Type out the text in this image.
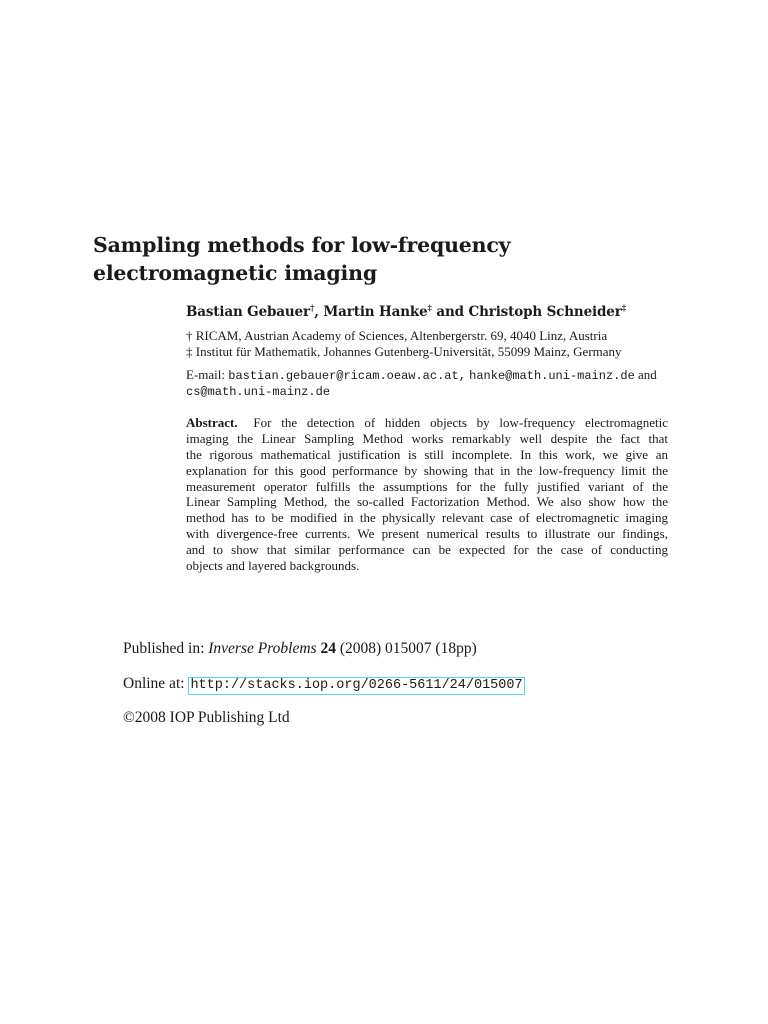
Sampling methods for low-frequency
electromagnetic imaging
Bastian Gebauer†, Martin Hanke‡ and Christoph Schneider‡
† RICAM, Austrian Academy of Sciences, Altenbergerstr. 69, 4040 Linz, Austria
‡ Institut für Mathematik, Johannes Gutenberg-Universität, 55099 Mainz, Germany
E-mail: bastian.gebauer@ricam.oeaw.ac.at, hanke@math.uni-mainz.de and
cs@math.uni-mainz.de
Abstract. For the detection of hidden objects by low-frequency electromagnetic
imaging the Linear Sampling Method works remarkably well despite the fact that
the rigorous mathematical justification is still incomplete. In this work, we give an
explanation for this good performance by showing that in the low-frequency limit the
measurement operator fulfills the assumptions for the fully justified variant of the
Linear Sampling Method, the so-called Factorization Method. We also show how the
method has to be modified in the physically relevant case of electromagnetic imaging
with divergence-free currents. We present numerical results to illustrate our findings,
and to show that similar performance can be expected for the case of conducting
objects and layered backgrounds.
Published in: Inverse Problems 24 (2008) 015007 (18pp)
Online at: http://stacks.iop.org/0266-5611/24/015007
©2008 IOP Publishing Ltd
